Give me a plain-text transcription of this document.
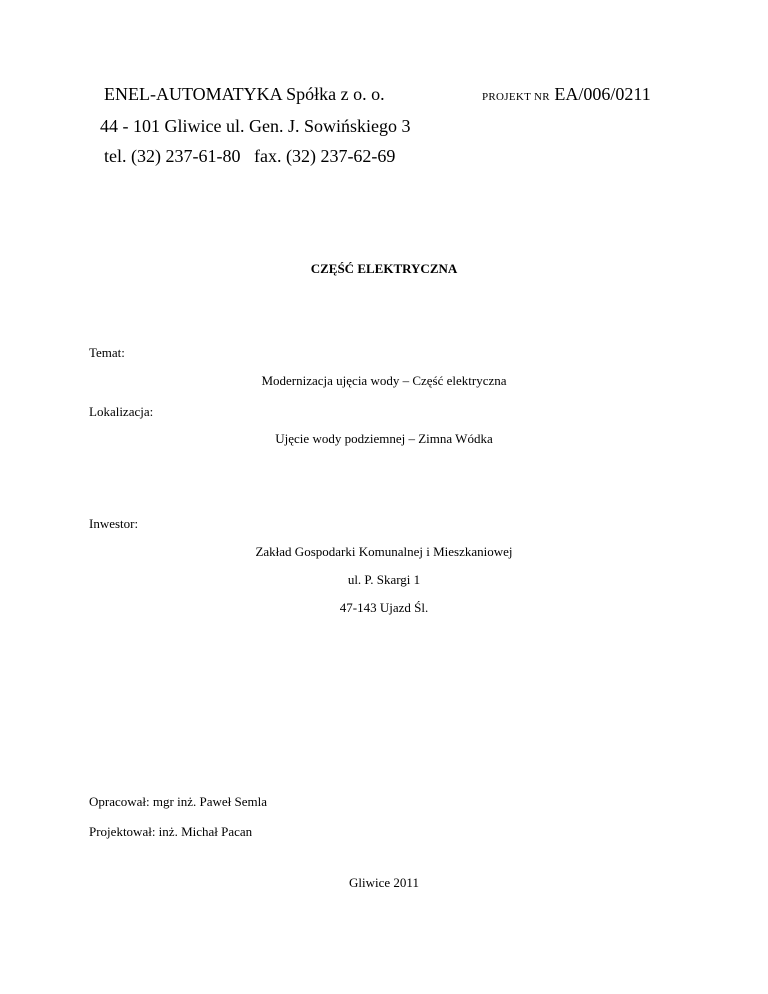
ENEL-AUTOMATYKA Spółka z o. o.	PROJEKT NR EA/006/0211
44 - 101 Gliwice ul. Gen. J. Sowińskiego 3
tel. (32) 237-61-80   fax. (32) 237-62-69
CZĘŚĆ ELEKTRYCZNA
Temat:
Modernizacja ujęcia wody – Część elektryczna
Lokalizacja:
Ujęcie wody podziemnej – Zimna Wódka
Inwestor:
Zakład Gospodarki Komunalnej i Mieszkaniowej
ul. P. Skargi 1
47-143 Ujazd Śl.
Opracował: mgr inż. Paweł Semla
Projektował: inż. Michał Pacan
Gliwice 2011
